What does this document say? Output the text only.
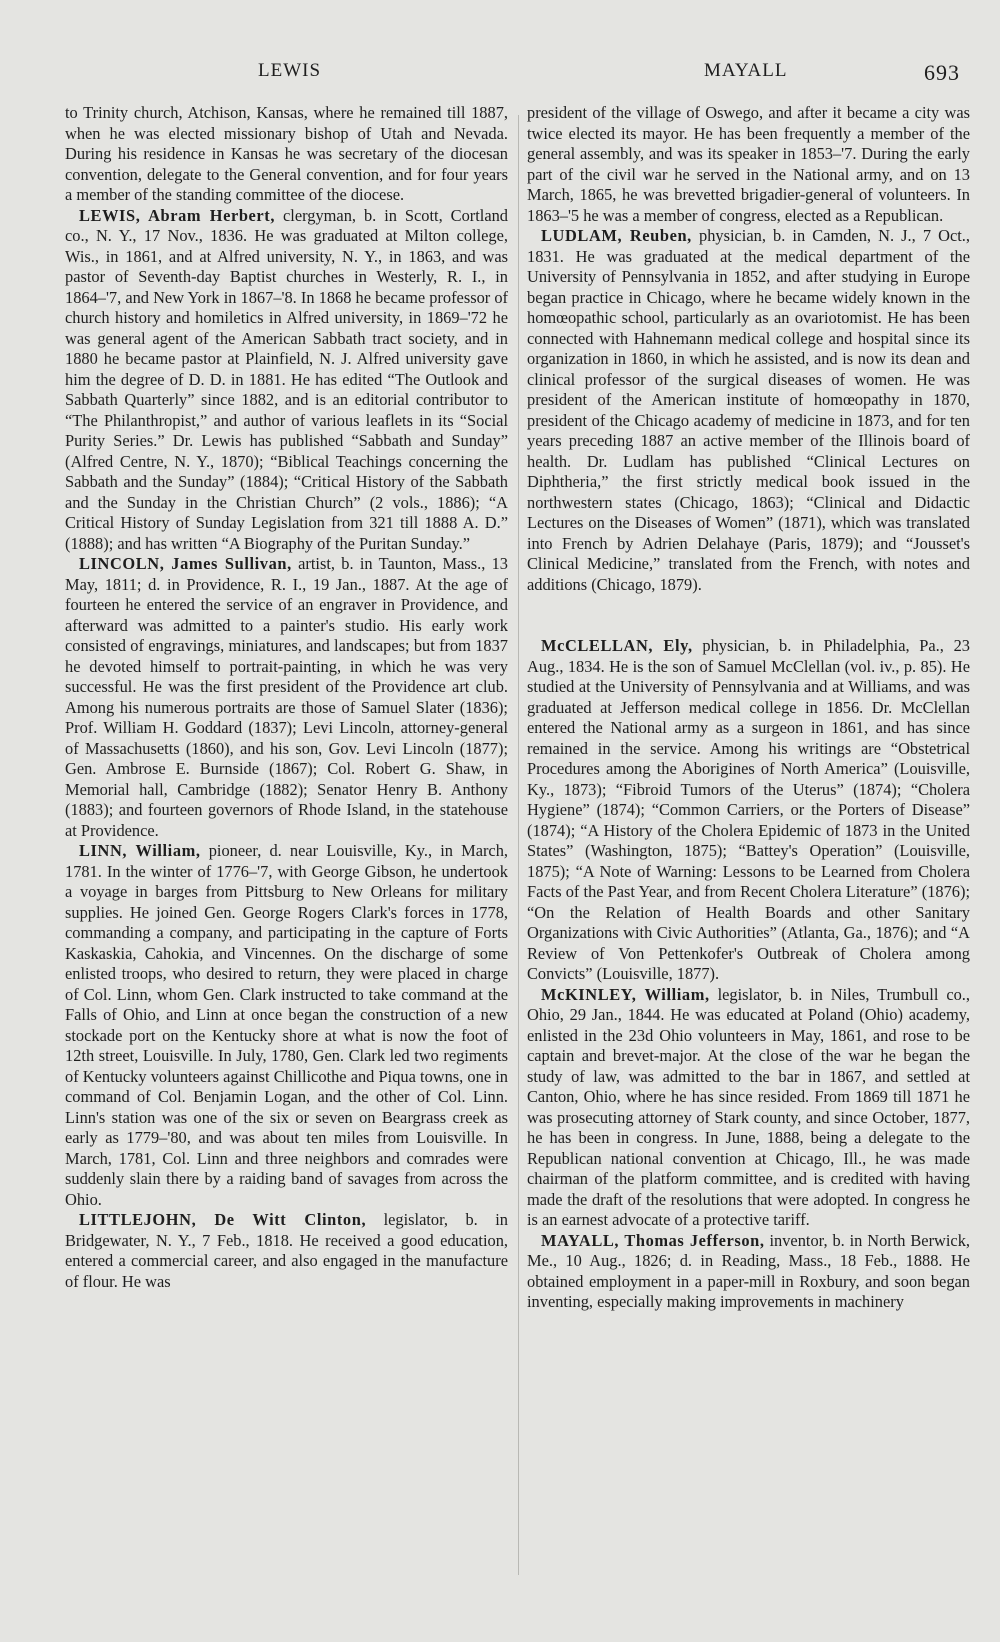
LEWIS	MAYALL	693

to Trinity church, Atchison, Kansas, where he remained till 1887, when he was elected missionary bishop of Utah and Nevada. During his residence in Kansas he was secretary of the diocesan convention, delegate to the General convention, and for four years a member of the standing committee of the diocese.

LEWIS, Abram Herbert, clergyman, b. in Scott, Cortland co., N. Y., 17 Nov., 1836. He was graduated at Milton college, Wis., in 1861, and at Alfred university, N. Y., in 1863, and was pastor of Seventh-day Baptist churches in Westerly, R. I., in 1864–'7, and New York in 1867–'8. In 1868 he became professor of church history and homiletics in Alfred university, in 1869–'72 he was general agent of the American Sabbath tract society, and in 1880 he became pastor at Plainfield, N. J. Alfred university gave him the degree of D. D. in 1881. He has edited “The Outlook and Sabbath Quarterly” since 1882, and is an editorial contributor to “The Philanthropist,” and author of various leaflets in its “Social Purity Series.” Dr. Lewis has published “Sabbath and Sunday” (Alfred Centre, N. Y., 1870); “Biblical Teachings concerning the Sabbath and the Sunday” (1884); “Critical History of the Sabbath and the Sunday in the Christian Church” (2 vols., 1886); “A Critical History of Sunday Legislation from 321 till 1888 A. D.” (1888); and has written “A Biography of the Puritan Sunday.”

LINCOLN, James Sullivan, artist, b. in Taunton, Mass., 13 May, 1811; d. in Providence, R. I., 19 Jan., 1887. At the age of fourteen he entered the service of an engraver in Providence, and afterward was admitted to a painter's studio. His early work consisted of engravings, miniatures, and landscapes; but from 1837 he devoted himself to portrait-painting, in which he was very successful. He was the first president of the Providence art club. Among his numerous portraits are those of Samuel Slater (1836); Prof. William H. Goddard (1837); Levi Lincoln, attorney-general of Massachusetts (1860), and his son, Gov. Levi Lincoln (1877); Gen. Ambrose E. Burnside (1867); Col. Robert G. Shaw, in Memorial hall, Cambridge (1882); Senator Henry B. Anthony (1883); and fourteen governors of Rhode Island, in the statehouse at Providence.

LINN, William, pioneer, d. near Louisville, Ky., in March, 1781. In the winter of 1776–'7, with George Gibson, he undertook a voyage in barges from Pittsburg to New Orleans for military supplies. He joined Gen. George Rogers Clark's forces in 1778, commanding a company, and participating in the capture of Forts Kaskaskia, Cahokia, and Vincennes. On the discharge of some enlisted troops, who desired to return, they were placed in charge of Col. Linn, whom Gen. Clark instructed to take command at the Falls of Ohio, and Linn at once began the construction of a new stockade port on the Kentucky shore at what is now the foot of 12th street, Louisville. In July, 1780, Gen. Clark led two regiments of Kentucky volunteers against Chillicothe and Piqua towns, one in command of Col. Benjamin Logan, and the other of Col. Linn. Linn's station was one of the six or seven on Beargrass creek as early as 1779–'80, and was about ten miles from Louisville. In March, 1781, Col. Linn and three neighbors and comrades were suddenly slain there by a raiding band of savages from across the Ohio.

LITTLEJOHN, De Witt Clinton, legislator, b. in Bridgewater, N. Y., 7 Feb., 1818. He received a good education, entered a commercial career, and also engaged in the manufacture of flour. He was

president of the village of Oswego, and after it became a city was twice elected its mayor. He has been frequently a member of the general assembly, and was its speaker in 1853–'7. During the early part of the civil war he served in the National army, and on 13 March, 1865, he was brevetted brigadier-general of volunteers. In 1863–'5 he was a member of congress, elected as a Republican.

LUDLAM, Reuben, physician, b. in Camden, N. J., 7 Oct., 1831. He was graduated at the medical department of the University of Pennsylvania in 1852, and after studying in Europe began practice in Chicago, where he became widely known in the homœopathic school, particularly as an ovariotomist. He has been connected with Hahnemann medical college and hospital since its organization in 1860, in which he assisted, and is now its dean and clinical professor of the surgical diseases of women. He was president of the American institute of homœopathy in 1870, president of the Chicago academy of medicine in 1873, and for ten years preceding 1887 an active member of the Illinois board of health. Dr. Ludlam has published “Clinical Lectures on Diphtheria,” the first strictly medical book issued in the northwestern states (Chicago, 1863); “Clinical and Didactic Lectures on the Diseases of Women” (1871), which was translated into French by Adrien Delahaye (Paris, 1879); and “Jousset's Clinical Medicine,” translated from the French, with notes and additions (Chicago, 1879).

McCLELLAN, Ely, physician, b. in Philadelphia, Pa., 23 Aug., 1834. He is the son of Samuel McClellan (vol. iv., p. 85). He studied at the University of Pennsylvania and at Williams, and was graduated at Jefferson medical college in 1856. Dr. McClellan entered the National army as a surgeon in 1861, and has since remained in the service. Among his writings are “Obstetrical Procedures among the Aborigines of North America” (Louisville, Ky., 1873); “Fibroid Tumors of the Uterus” (1874); “Cholera Hygiene” (1874); “Common Carriers, or the Porters of Disease” (1874); “A History of the Cholera Epidemic of 1873 in the United States” (Washington, 1875); “Battey's Operation” (Louisville, 1875); “A Note of Warning: Lessons to be Learned from Cholera Facts of the Past Year, and from Recent Cholera Literature” (1876); “On the Relation of Health Boards and other Sanitary Organizations with Civic Authorities” (Atlanta, Ga., 1876); and “A Review of Von Pettenkofer's Outbreak of Cholera among Convicts” (Louisville, 1877).

McKINLEY, William, legislator, b. in Niles, Trumbull co., Ohio, 29 Jan., 1844. He was educated at Poland (Ohio) academy, enlisted in the 23d Ohio volunteers in May, 1861, and rose to be captain and brevet-major. At the close of the war he began the study of law, was admitted to the bar in 1867, and settled at Canton, Ohio, where he has since resided. From 1869 till 1871 he was prosecuting attorney of Stark county, and since October, 1877, he has been in congress. In June, 1888, being a delegate to the Republican national convention at Chicago, Ill., he was made chairman of the platform committee, and is credited with having made the draft of the resolutions that were adopted. In congress he is an earnest advocate of a protective tariff.

MAYALL, Thomas Jefferson, inventor, b. in North Berwick, Me., 10 Aug., 1826; d. in Reading, Mass., 18 Feb., 1888. He obtained employment in a paper-mill in Roxbury, and soon began inventing, especially making improvements in machinery
